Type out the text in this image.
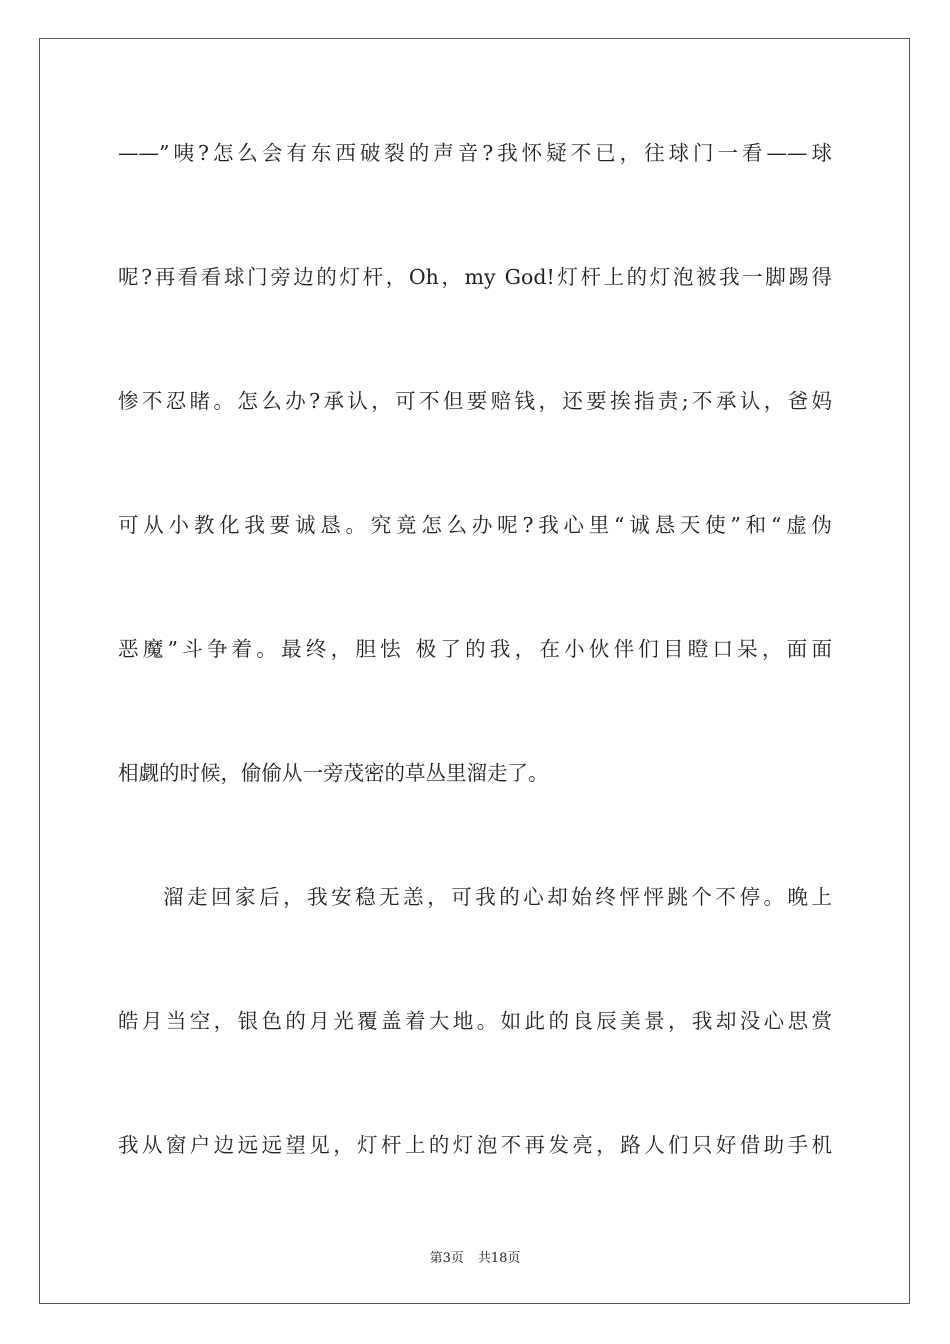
——”咦?怎么会有东西破裂的声音?我怀疑不已，往球门一看——球
呢?再看看球门旁边的灯杆，Oh，my God!灯杆上的灯泡被我一脚踢得
惨不忍睹。怎么办?承认，可不但要赔钱，还要挨指责;不承认，爸妈
可从小教化我要诚恳。究竟怎么办呢?我心里“诚恳天使”和“虚伪
恶魔”斗争着。最终，胆怯 极了的我，在小伙伴们目瞪口呆，面面
相觑的时候，偷偷从一旁茂密的草丛里溜走了。
溜走回家后，我安稳无恙，可我的心却始终怦怦跳个不停。晚上
皓月当空，银色的月光覆盖着大地。如此的良辰美景，我却没心思赏
我从窗户边远远望见，灯杆上的灯泡不再发亮，路人们只好借助手机
第3页 共18页
